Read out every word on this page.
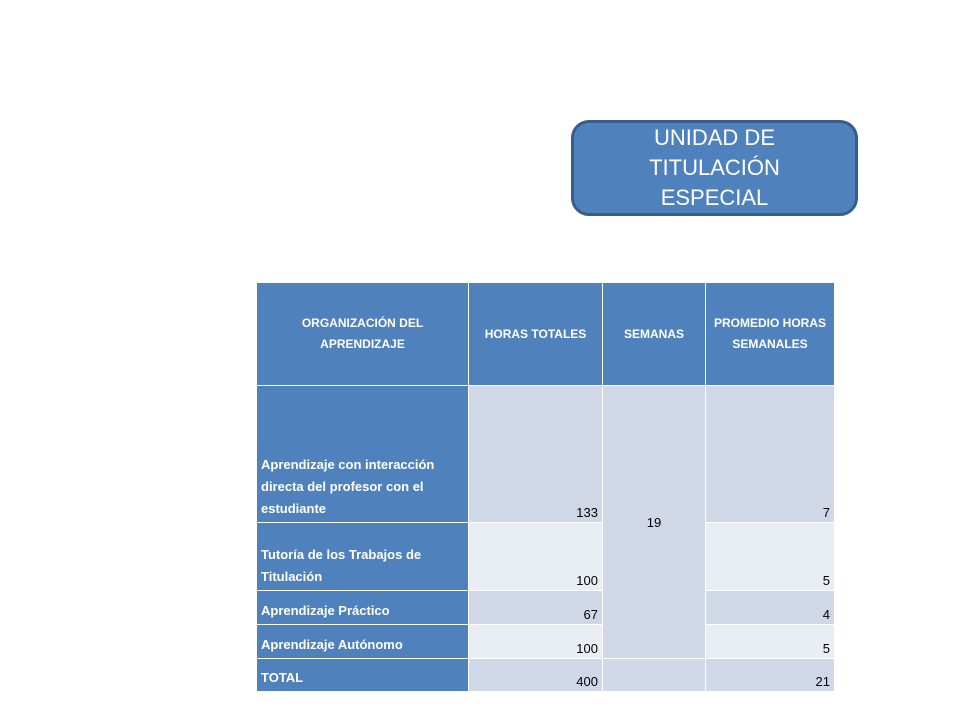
UNIDAD DE TITULACIÓN
ESPECIAL
ORGANIZACIÓN DEL APRENDIZAJE	HORAS TOTALES	SEMANAS	PROMEDIO HORAS SEMANALES
Aprendizaje con interacción directa del profesor con el estudiante	133	19	7
Tutoría de los Trabajos de Titulación	100		5
Aprendizaje Práctico	67		4
Aprendizaje Autónomo	100		5
TOTAL	400		21
